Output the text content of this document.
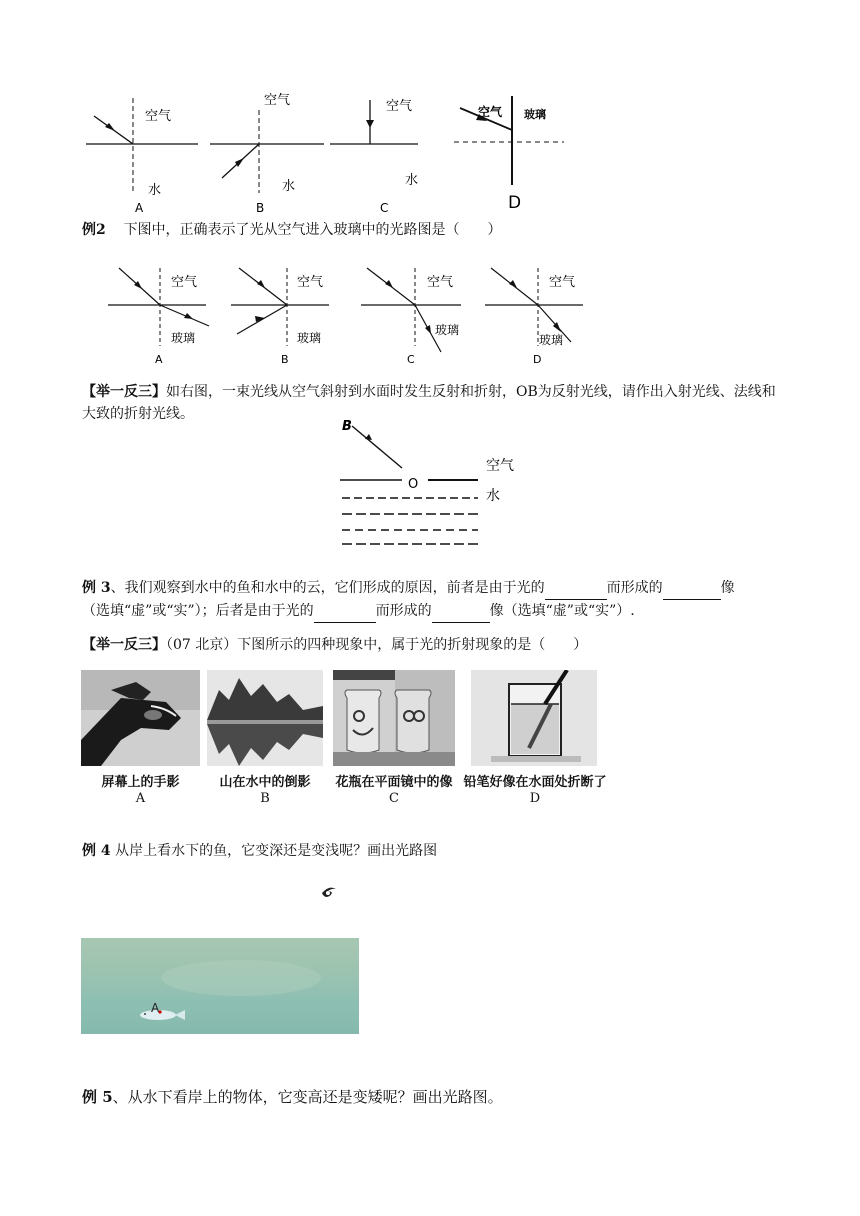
空气
水
A
空气
水
B
空气
水
C
空气 玻璃
D
例2 下图中，正确表示了光从空气进入玻璃中的光路图是（　　）
空气
玻璃
A
空气
玻璃
B
空气
玻璃
C
空气
玻璃
D
【举一反三】如右图，一束光线从空气斜射到水面时发生反射和折射，OB为反射光线，请作出入射光线、法线和大致的折射光线。
B
O
空气
水
例 3、我们观察到水中的鱼和水中的云，它们形成的原因，前者是由于光的	而形成的	像
（选填“虚”或“实”）；后者是由于光的	而形成的	像（选填“虚”或“实”）.
【举一反三】（07 北京）下图所示的四种现象中，属于光的折射现象的是（　　）
屏幕上的手影	山在水中的倒影	花瓶在平面镜中的像 铅笔好像在水面处折断了
A	B	C	D
例 4 从岸上看水下的鱼，它变深还是变浅呢？画出光路图
A
例 5、从水下看岸上的物体，它变高还是变矮呢？画出光路图。
